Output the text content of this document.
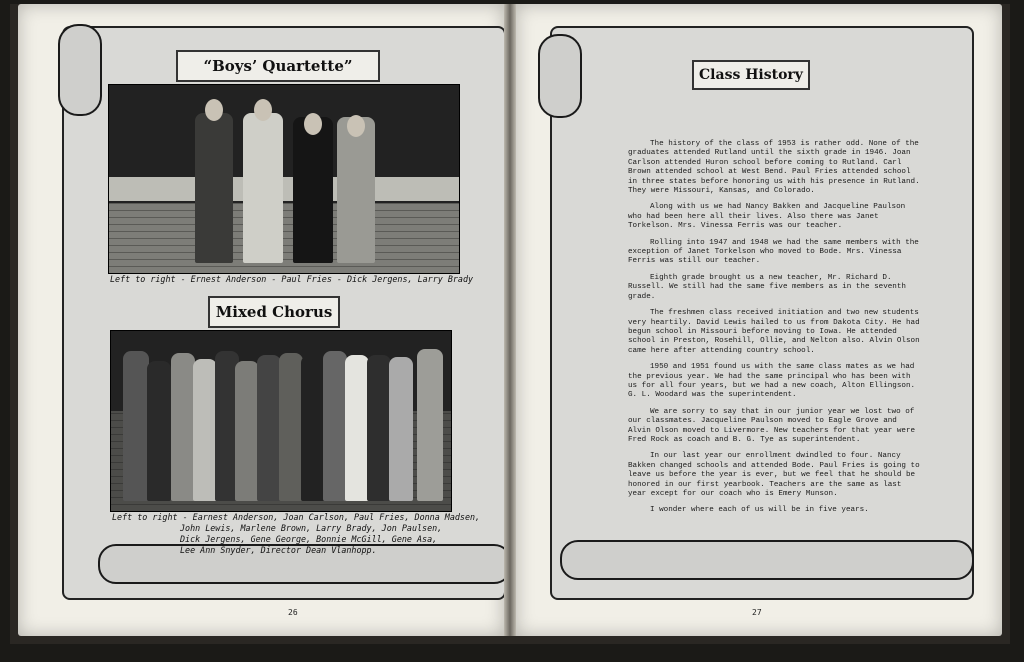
“Boys’ Quartette”
Left to right - Ernest Anderson - Paul Fries - Dick Jergens, Larry Brady
Mixed Chorus
Left to right - Earnest Anderson, Joan Carlson, Paul Fries, Donna Madsen,
John Lewis, Marlene Brown, Larry Brady, Jon Paulsen,
Dick Jergens, Gene George, Bonnie McGill, Gene Asa,
Lee Ann Snyder, Director Dean Vlanhopp.
26
Class History

The history of the class of 1953 is rather odd. None of the graduates attended Rutland until the sixth grade in 1946. Joan Carlson attended Huron school before coming to Rutland. Carl Brown attended school at West Bend. Paul Fries attended school in three states before honoring us with his presence in Rutland. They were Missouri, Kansas, and Colorado.

Along with us we had Nancy Bakken and Jacqueline Paulson who had been here all their lives. Also there was Janet Torkelson. Mrs. Vinessa Ferris was our teacher.

Rolling into 1947 and 1948 we had the same members with the exception of Janet Torkelson who moved to Bode. Mrs. Vinessa Ferris was still our teacher.

Eighth grade brought us a new teacher, Mr. Richard D. Russell. We still had the same five members as in the seventh grade.

The freshmen class received initiation and two new students very heartily. David Lewis hailed to us from Dakota City. He had begun school in Missouri before moving to Iowa. He attended school in Preston, Rosehill, Ollie, and Nelton also. Alvin Olson came here after attending country school.

1950 and 1951 found us with the same class mates as we had the previous year. We had the same principal who has been with us for all four years, but we had a new coach, Alton Ellingson. G. L. Woodard was the superintendent.

We are sorry to say that in our junior year we lost two of our classmates. Jacqueline Paulson moved to Eagle Grove and Alvin Olson moved to Livermore. New teachers for that year were Fred Rock as coach and B. G. Tye as superintendent.

In our last year our enrollment dwindled to four. Nancy Bakken changed schools and attended Bode. Paul Fries is going to leave us before the year is ever, but we feel that he should be honored in our first yearbook. Teachers are the same as last year except for our coach who is Emery Munson.

I wonder where each of us will be in five years.

27
